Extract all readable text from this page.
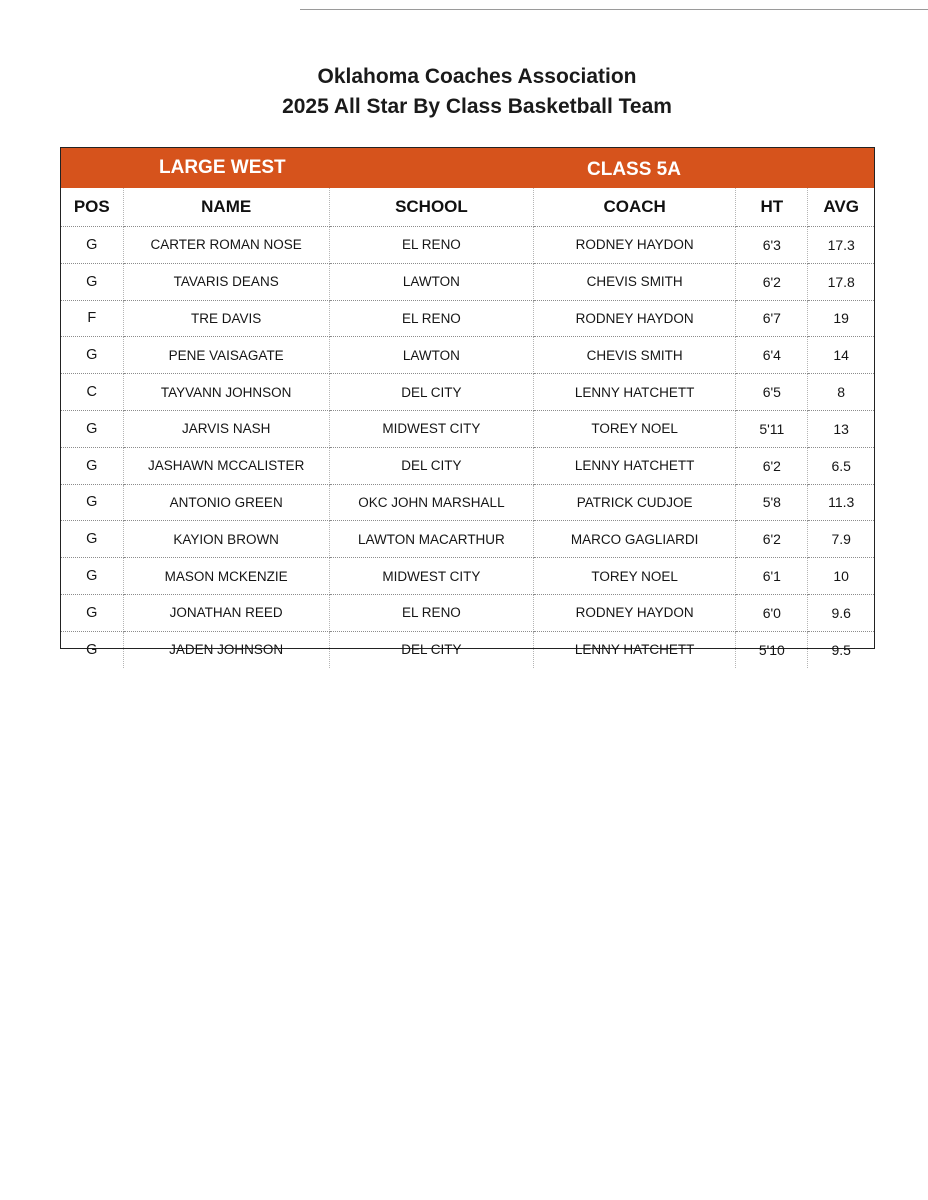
Oklahoma Coaches Association
2025 All Star By Class Basketball Team
LARGE WEST	CLASS 5A
POS	NAME	SCHOOL	COACH	HT	AVG
G	CARTER ROMAN NOSE	EL RENO	RODNEY HAYDON	6'3	17.3
G	TAVARIS DEANS	LAWTON	CHEVIS SMITH	6'2	17.8
F	TRE DAVIS	EL RENO	RODNEY HAYDON	6'7	19
G	PENE VAISAGATE	LAWTON	CHEVIS SMITH	6'4	14
C	TAYVANN JOHNSON	DEL CITY	LENNY HATCHETT	6'5	8
G	JARVIS NASH	MIDWEST CITY	TOREY NOEL	5'11	13
G	JASHAWN MCCALISTER	DEL CITY	LENNY HATCHETT	6'2	6.5
G	ANTONIO GREEN	OKC JOHN MARSHALL	PATRICK CUDJOE	5'8	11.3
G	KAYION BROWN	LAWTON MACARTHUR	MARCO GAGLIARDI	6'2	7.9
G	MASON MCKENZIE	MIDWEST CITY	TOREY NOEL	6'1	10
G	JONATHAN REED	EL RENO	RODNEY HAYDON	6'0	9.6
G	JADEN JOHNSON	DEL CITY	LENNY HATCHETT	5'10	9.5
